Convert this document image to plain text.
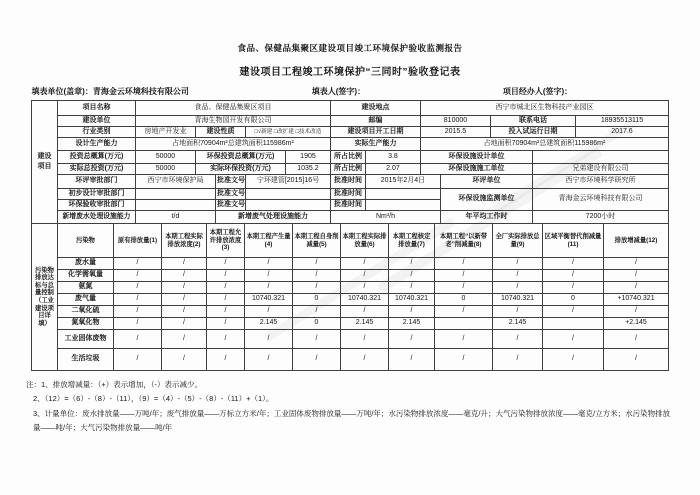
食品、保健品集聚区建设项目竣工环境保护验收监测报告
建设项目工程竣工环境保护“三同时”验收登记表
填表单位(盖章)：青海金云环境科技有限公司	填表人(签字)：	项目经办人(签字)：
建设项目	项目名称	食品、保健品集聚区项目					建设地点		西宁市城北区生物科技产业园区				
	建设单位	青海生物园开发有限公司					邮编		810000		联系电话		18935513115
	行业类别	房地产开发业	建设性质		□√新建 □改扩建 □技术改造		建设项目开工日期		2015.5		投入试运行日期		2017.6
	设计生产能力	占地面积70904m²总建筑面积115986m²					实际生产能力		占地面积70904m²总建筑面积115986m²				
	投资总概算(万元)	50000	环保投资总概算(万元)			1905	所占比例	3.8	环保设施设计单位				
	实际总投资(万元)	50000	实际环保投资(万元)			1035.2	所占比例	2.07	环保设施施工单位			兄弟建设有限公司	
	环评审批部门	西宁市环境保护局		批准文号	宁环建管[2015]16号		批准时间	2015年2月4日		环评单位		西宁市环境科学研究所	
	初步设计审批部门			批准文号			批准时间			环保设施监测单位		青海金云环境科技有限公司	
	环保验收审批部门			批准文号			批准时间						
	新增废水处理设施能力	t/d		新增废气处理设施能力			Nm³/h			年平均工作时		7200小时	
污染物排放达标与总量控制（工业建设项目详填）	污染物	原有排放量(1)	本期工程实际排放浓度(2)	本期工程允许排放浓度(3)	本期工程产生量(4)	本期工程自身削减量(5)	本期工程实际排放量(6)	本期工程核定排放量(7)	本期工程“以新带老”削减量(8)	全厂实际排放总量(9)	区域平衡替代削减量(11)	排放增减量(12)
	废水量	/	/	/	/	/	/	/	/	/	/	/
	化学需氧量	/	/	/	/	/	/	/	/	/	/	/
	氨氮	/	/	/	/	/	/	/	/	/	/	/
	废气量	/	/	/	10740.321	0	10740.321	10740.321	0	10740.321	0	+10740.321
	二氧化硫	/	/	/	/	/	/	/	/	/	/	/
	氮氧化物	/	/	/	2.145	0	2.145	2.145		2.145		+2.145
	工业固体废物	/	/	/	/	/	/	/	/	/	/	/
	生活垃圾	/	/	/	/	/	/	/	/	/	/	/
注：1、排放增减量：（+）表示增加，（-）表示减少。
2、（12）=（6）-（8）-（11），（9）=（4）-（5）-（8）-（11）+（1）。
3、计量单位：废水排放量——万吨/年；废气排放量——万标立方米/年；工业固体废物排放量——万吨/年；水污染物排放浓度——毫克/升；大气污染物排放浓度——毫克/立方米；水污染物排放量——吨/年；大气污染物排放量——吨/年
